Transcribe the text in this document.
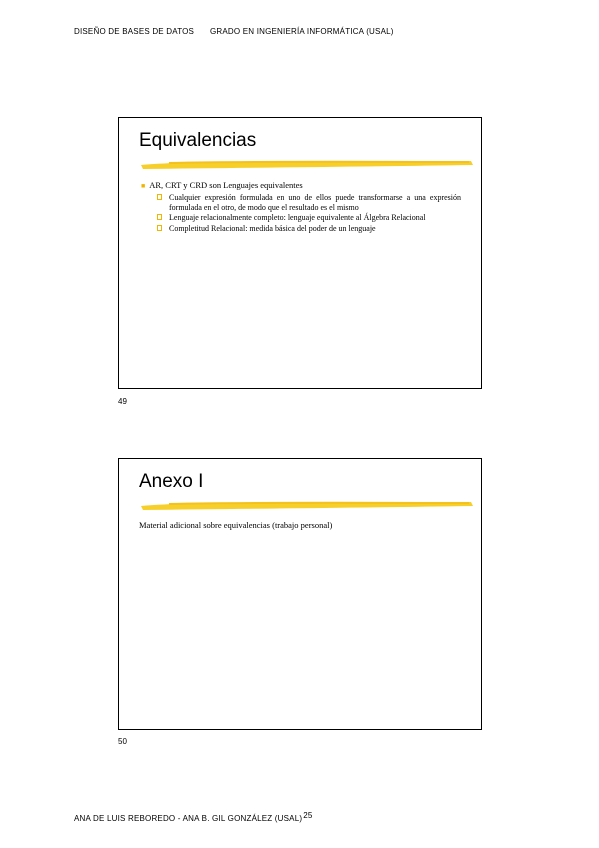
DISEÑO DE BASES DE DATOS GRADO EN INGENIERÍA INFORMÁTICA (USAL)
Equivalencias
■ AR, CRT y CRD son Lenguajes equivalentes
Cualquier expresión formulada en uno de ellos puede transformarse a una expresión formulada en el otro, de modo que el resultado es el mismo
Lenguaje relacionalmente completo: lenguaje equivalente al Álgebra Relacional
Completitud Relacional: medida básica del poder de un lenguaje
49
Anexo I
Material adicional sobre equivalencias (trabajo personal)
50
ANA DE LUIS REBOREDO - ANA B. GIL GONZÁLEZ (USAL)25
